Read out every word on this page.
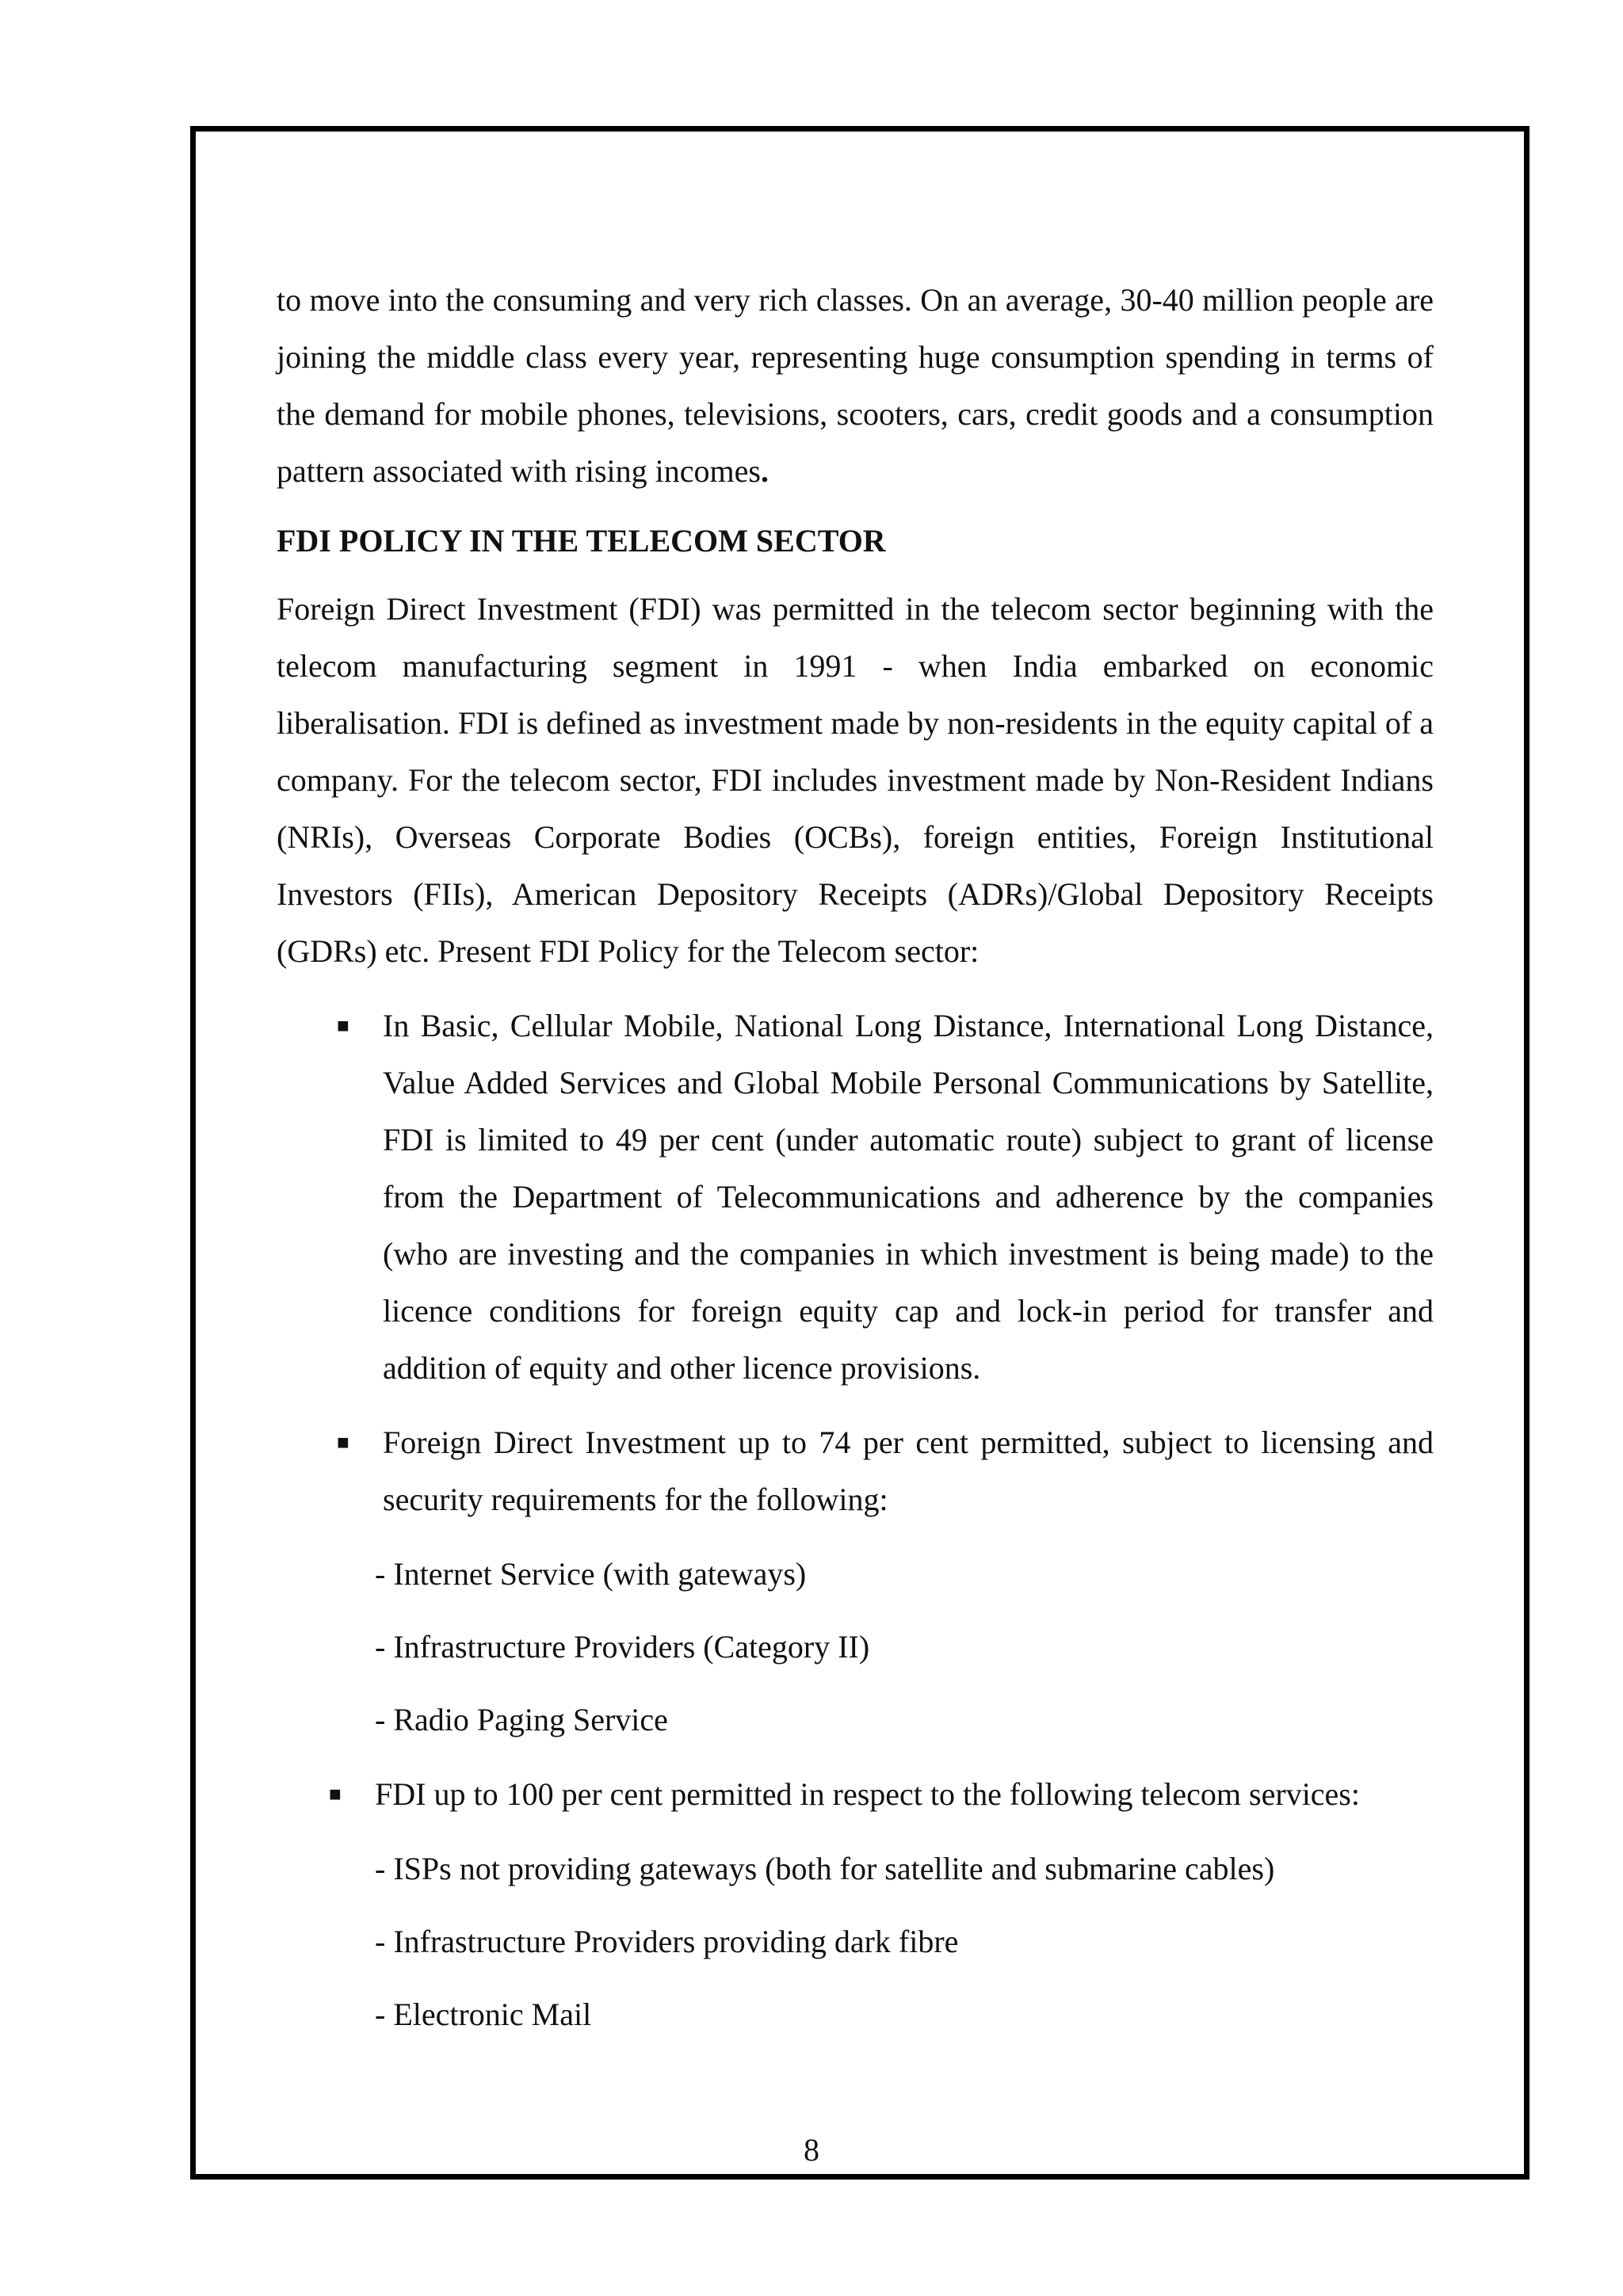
to move into the consuming and very rich classes. On an average, 30-40 million people are joining the middle class every year, representing huge consumption spending in terms of the demand for mobile phones, televisions, scooters, cars, credit goods and a consumption pattern associated with rising incomes.

FDI POLICY IN THE TELECOM SECTOR

Foreign Direct Investment (FDI) was permitted in the telecom sector beginning with the telecom manufacturing segment in 1991 - when India embarked on economic liberalisation. FDI is defined as investment made by non-residents in the equity capital of a company. For the telecom sector, FDI includes investment made by Non-Resident Indians (NRIs), Overseas Corporate Bodies (OCBs), foreign entities, Foreign Institutional Investors (FIIs), American Depository Receipts (ADRs)/Global Depository Receipts (GDRs) etc. Present FDI Policy for the Telecom sector:

■ In Basic, Cellular Mobile, National Long Distance, International Long Distance, Value Added Services and Global Mobile Personal Communications by Satellite, FDI is limited to 49 per cent (under automatic route) subject to grant of license from the Department of Telecommunications and adherence by the companies (who are investing and the companies in which investment is being made) to the licence conditions for foreign equity cap and lock-in period for transfer and addition of equity and other licence provisions.
■ Foreign Direct Investment up to 74 per cent permitted, subject to licensing and security requirements for the following:
- Internet Service (with gateways)
- Infrastructure Providers (Category II)
- Radio Paging Service
■ FDI up to 100 per cent permitted in respect to the following telecom services:
- ISPs not providing gateways (both for satellite and submarine cables)
- Infrastructure Providers providing dark fibre
- Electronic Mail
8
